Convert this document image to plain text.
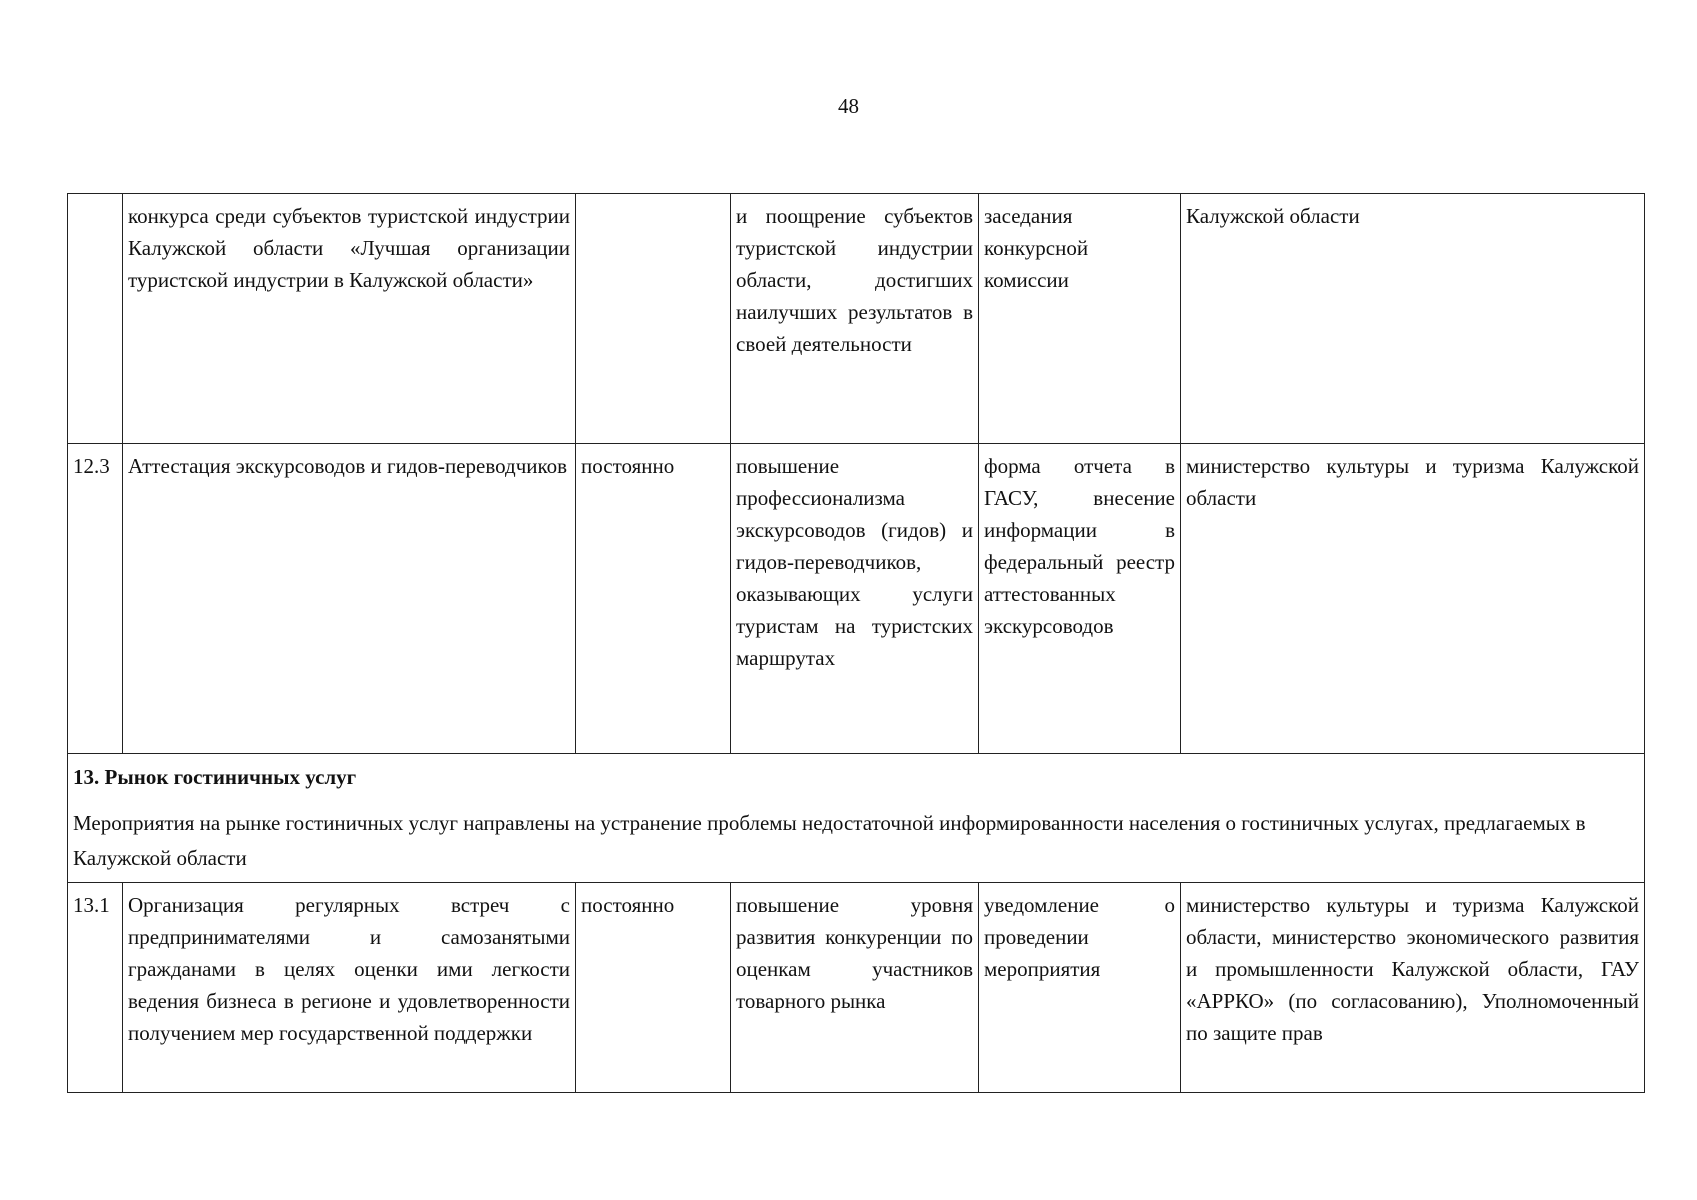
48
	конкурса среди субъектов туристской индустрии Калужской области «Лучшая организации туристской индустрии в Калужской области»		и поощрение субъектов туристской индустрии области, достигших наилучших результатов в своей деятельности	заседания конкурсной комиссии	Калужской области
12.3	Аттестация экскурсоводов и гидов-переводчиков	постоянно	повышение профессионализма экскурсоводов (гидов) и гидов-переводчиков, оказывающих услуги туристам на туристских маршрутах	форма отчета в ГАСУ, внесение информации в федеральный реестр аттестованных экскурсоводов	министерство культуры и туризма Калужской области

13. Рынок гостиничных услуг
Мероприятия на рынке гостиничных услуг направлены на устранение проблемы недостаточной информированности населения о гостиничных услугах, предлагаемых в Калужской области					

13.1	Организация регулярных встреч с предпринимателями и самозанятыми гражданами в целях оценки ими легкости ведения бизнеса в регионе и удовлетворенности получением мер государственной поддержки	постоянно	повышение уровня развития конкуренции по оценкам участников товарного рынка	уведомление о проведении мероприятия	министерство культуры и туризма Калужской области, министерство экономического развития и промышленности Калужской области, ГАУ «АРРКО» (по согласованию), Уполномоченный по защите прав
